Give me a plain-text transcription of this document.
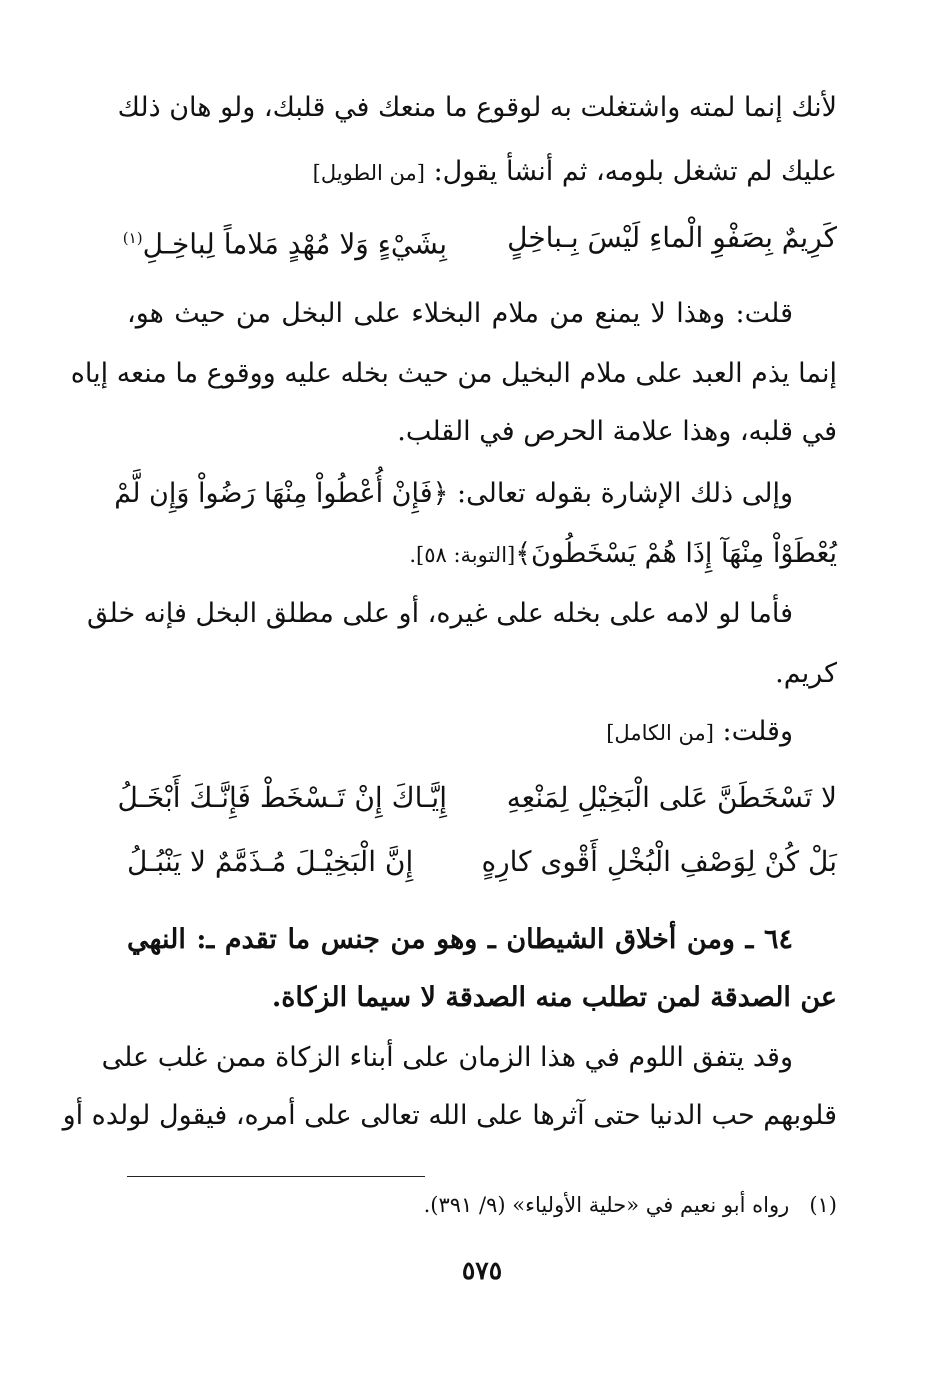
لأنك إنما لمته واشتغلت به لوقوع ما منعك في قلبك، ولو هان ذلك
عليك لم تشغل بلومه، ثم أنشأ يقول: [من الطويل]
كَرِيمٌ بِصَفْوِ الْماءِ لَيْسَ بِـباخِلٍ
بِشَيْءٍ وَلا مُهْدٍ مَلاماً لِباخِـلِ$^{(١)}$
قلت: وهذا لا يمنع من ملام البخلاء على البخل من حيث هو،
إنما يذم العبد على ملام البخيل من حيث بخله عليه ووقوع ما منعه إياه
في قلبه، وهذا علامة الحرص في القلب.
وإلى ذلك الإشارة بقوله تعالى: ﴿فَإِنْ أُعْطُواْ مِنْهَا رَضُواْ وَإِن لَّمْ
يُعْطَوْاْ مِنْهَآ إِذَا هُمْ يَسْخَطُونَ﴾[التوبة: ٥٨].
فأما لو لامه على بخله على غيره، أو على مطلق البخل فإنه خلق
كريم.
وقلت: [من الكامل]
لا تَسْخَطَنَّ عَلى الْبَخِيْلِ لِمَنْعِهِ
إِيَّـاكَ إِنْ تَـسْخَطْ فَإِنَّـكَ أَبْخَـلُ
بَلْ كُنْ لِوَصْفِ الْبُخْلِ أَقْوى كارِهٍ
إِنَّ الْبَخِيْـلَ مُـذَمَّمٌ لا يَنْبُـلُ
٦٤ ـ ومن أخلاق الشيطان ـ وهو من جنس ما تقدم ـ: النهي
عن الصدقة لمن تطلب منه الصدقة لا سيما الزكاة.
وقد يتفق اللوم في هذا الزمان على أبناء الزكاة ممن غلب على
قلوبهم حب الدنيا حتى آثرها على الله تعالى على أمره، فيقول لولده أو
(١)   رواه أبو نعيم في «حلية الأولياء» (٩/ ٣٩١).
٥٧٥
